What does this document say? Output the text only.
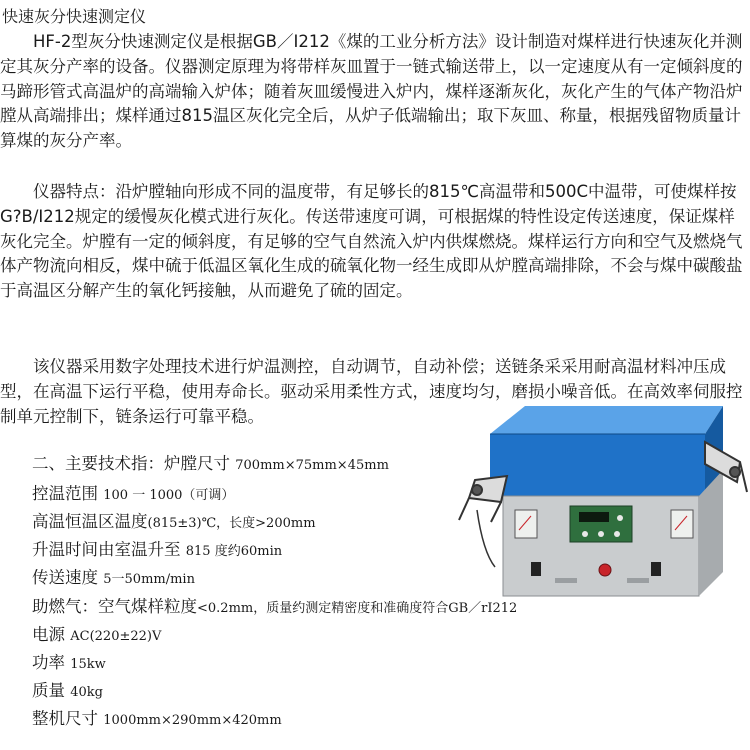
快速灰分快速测定仪

　　HF-2型灰分快速测定仪是根据GB／I212《煤的工业分析方法》设计制造对煤样进行快速灰化并测定其灰分产率的设备。仪器测定原理为将带样灰皿置于一链式输送带上，以一定速度从有一定倾斜度的马蹄形管式高温炉的高端输入炉体；随着灰皿缓慢进入炉内，煤样逐渐灰化，灰化产生的气体产物沿炉膛从高端排出；煤样通过815温区灰化完全后，从炉子低端输出；取下灰皿、称量，根据残留物质量计算煤的灰分产率。

　　仪器特点：沿炉膛轴向形成不同的温度带，有足够长的815℃高温带和500C中温带，可使煤样按G?B/I212规定的缓慢灰化模式进行灰化。传送带速度可调，可根据煤的特性设定传送速度，保证煤样灰化完全。炉膛有一定的倾斜度，有足够的空气自然流入炉内供煤燃烧。煤样运行方向和空气及燃烧气体产物流向相反，煤中硫于低温区氧化生成的硫氧化物一经生成即从炉膛高端排除，不会与煤中碳酸盐于高温区分解产生的氧化钙接触，从而避免了硫的固定。

　　该仪器采用数字处理技术进行炉温测控，自动调节，自动补偿；送链条采采用耐高温材料冲压成型，在高温下运行平稳，使用寿命长。驱动采用柔性方式，速度均匀，磨损小噪音低。在高效率伺服控制单元控制下，链条运行可靠平稳。

二、主要技术指：炉膛尺寸 700mm×75mm×45mm
控温范围 100 一 1000（可调）
高温恒温区温度(815±3)℃，长度>200mm
升温时间由室温升至 815 度约60min
传送速度 5一50mm/min
助燃气：空气煤样粒度<0.2mm，质量约测定精密度和准确度符合GB／rI212
电源 AC(220±22)V
功率 15kw
质量 40kg
整机尺寸 1000mm×290mm×420mm
